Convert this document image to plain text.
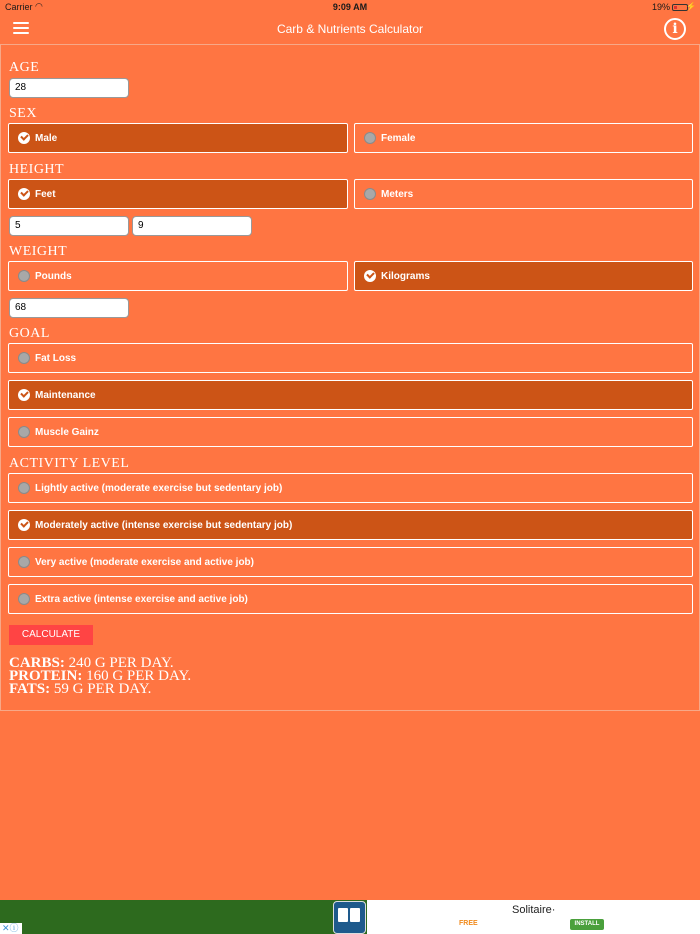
Carrier ◠	9:09 AM	19% ⚡
Carb & Nutrients Calculator	i
AGE
28
SEX
Male	Female
HEIGHT
Feet	Meters
5	9
WEIGHT
Pounds	Kilograms
68
GOAL
Fat Loss
Maintenance
Muscle Gainz
ACTIVITY LEVEL
Lightly active (moderate exercise but sedentary job)
Moderately active (intense exercise but sedentary job)
Very active (moderate exercise and active job)
Extra active (intense exercise and active job)
CALCULATE
CARBS: 240 G PER DAY.
PROTEIN: 160 G PER DAY.
FATS: 59 G PER DAY.
✕ⓘ
Solitaire·
FREE	INSTALL
